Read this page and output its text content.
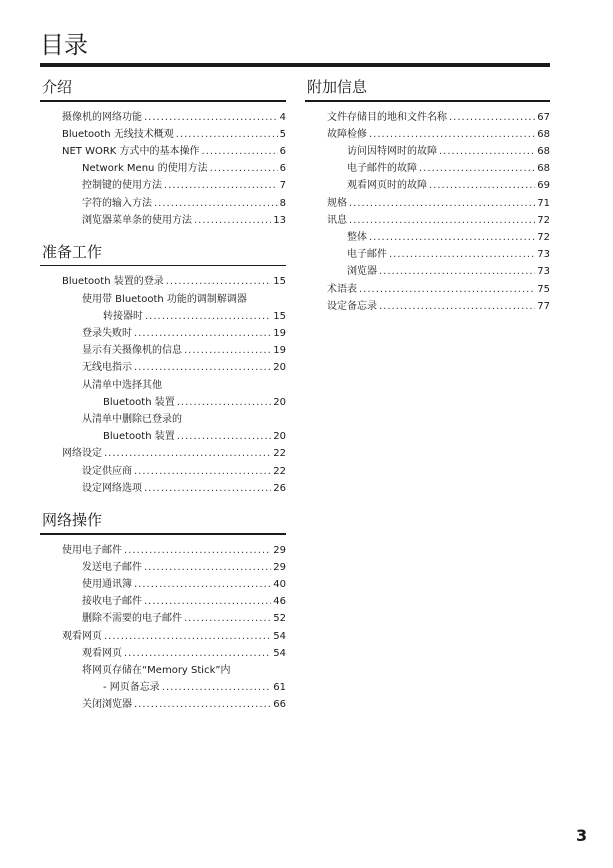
目录
介绍
摄像机的网络功能 .....	4
Bluetooth 无线技术概观 .....	5
NET WORK 方式中的基本操作 .....	6
Network Menu 的使用方法 .....	6
控制键的使用方法 .....	7
字符的输入方法 .....	8
浏览器菜单条的使用方法 .....	13
准备工作
Bluetooth 装置的登录 .....	15
使用带 Bluetooth 功能的调制解调器
转接器时 .....	15
登录失败时 .....	19
显示有关摄像机的信息 .....	19
无线电指示 .....	20
从清单中选择其他
Bluetooth 装置 .....	20
从清单中删除已登录的
Bluetooth 装置 .....	20
网络设定 .....	22
设定供应商 .....	22
设定网络选项 .....	26
网络操作
使用电子邮件 .....	29
发送电子邮件 .....	29
使用通讯簿 .....	40
接收电子邮件 .....	46
删除不需要的电子邮件 .....	52
观看网页 .....	54
观看网页 .....	54
将网页存储在“Memory Stick”内
- 网页备忘录 .....	61
关闭浏览器 .....	66
附加信息
文件存储目的地和文件名称 .....	67
故障检修 .....	68
访问因特网时的故障 .....	68
电子邮件的故障 .....	68
观看网页时的故障 .....	69
规格 .....	71
讯息 .....	72
整体 .....	72
电子邮件 .....	73
浏览器 .....	73
术语表 .....	75
设定备忘录 .....	77
3
